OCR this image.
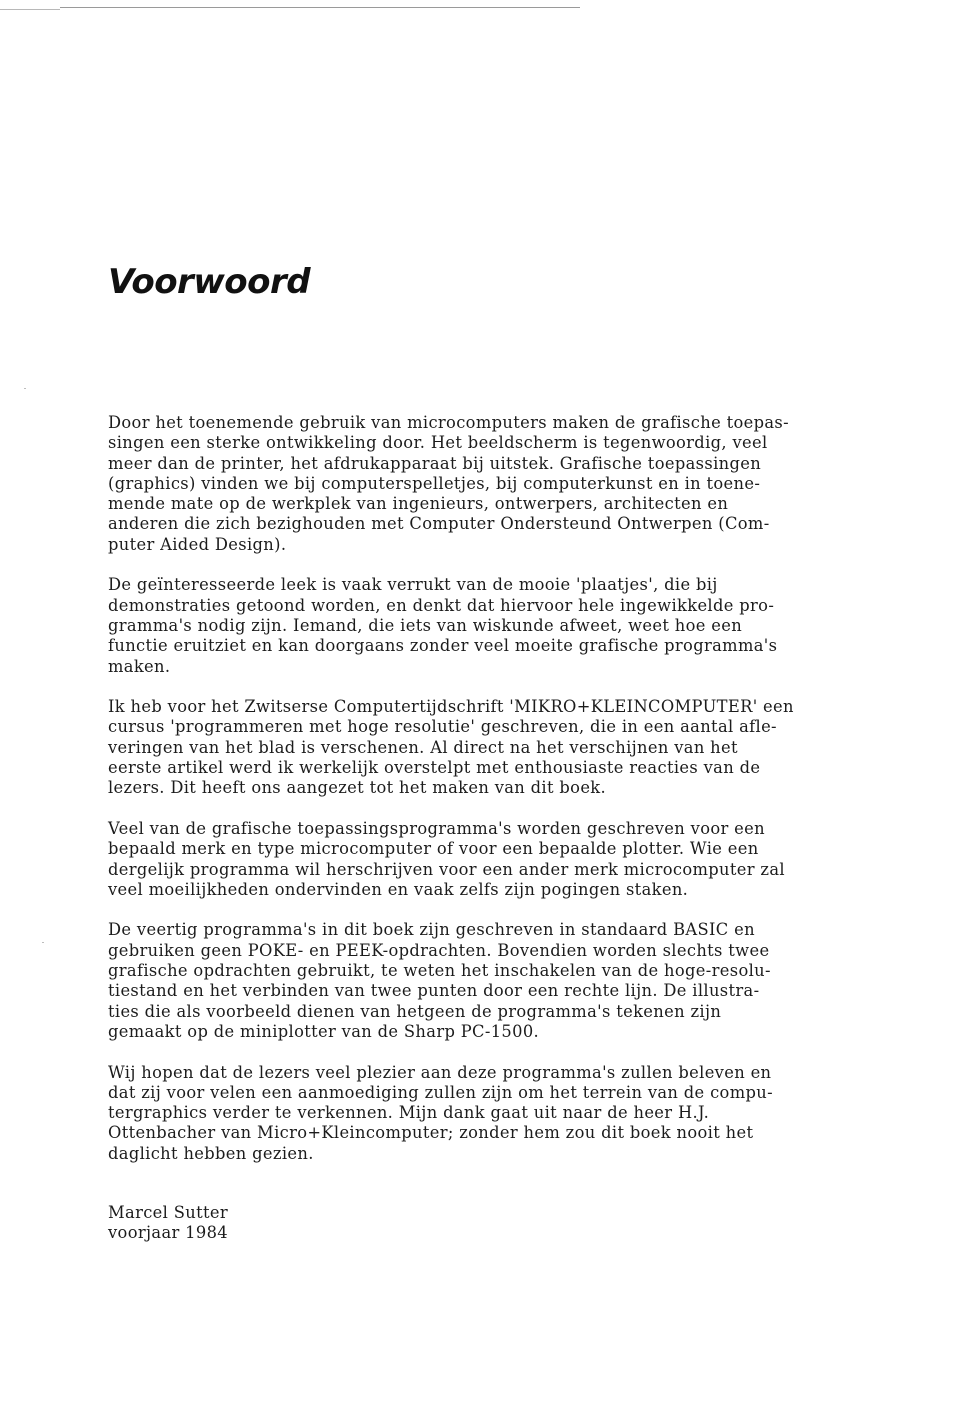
Voorwoord

Door het toenemende gebruik van microcomputers maken de grafische toepas-
singen een sterke ontwikkeling door. Het beeldscherm is tegenwoordig, veel
meer dan de printer, het afdrukapparaat bij uitstek. Grafische toepassingen
(graphics) vinden we bij computerspelletjes, bij computerkunst en in toene-
mende mate op de werkplek van ingenieurs, ontwerpers, architecten en
anderen die zich bezighouden met Computer Ondersteund Ontwerpen (Com-
puter Aided Design).

De geïnteresseerde leek is vaak verrukt van de mooie 'plaatjes', die bij
demonstraties getoond worden, en denkt dat hiervoor hele ingewikkelde pro-
gramma's nodig zijn. Iemand, die iets van wiskunde afweet, weet hoe een
functie eruitziet en kan doorgaans zonder veel moeite grafische programma's
maken.

Ik heb voor het Zwitserse Computertijdschrift 'MIKRO+KLEINCOMPUTER' een
cursus 'programmeren met hoge resolutie' geschreven, die in een aantal afle-
veringen van het blad is verschenen. Al direct na het verschijnen van het
eerste artikel werd ik werkelijk overstelpt met enthousiaste reacties van de
lezers. Dit heeft ons aangezet tot het maken van dit boek.

Veel van de grafische toepassingsprogramma's worden geschreven voor een
bepaald merk en type microcomputer of voor een bepaalde plotter. Wie een
dergelijk programma wil herschrijven voor een ander merk microcomputer zal
veel moeilijkheden ondervinden en vaak zelfs zijn pogingen staken.

De veertig programma's in dit boek zijn geschreven in standaard BASIC en
gebruiken geen POKE- en PEEK-opdrachten. Bovendien worden slechts twee
grafische opdrachten gebruikt, te weten het inschakelen van de hoge-resolu-
tiestand en het verbinden van twee punten door een rechte lijn. De illustra-
ties die als voorbeeld dienen van hetgeen de programma's tekenen zijn
gemaakt op de miniplotter van de Sharp PC-1500.

Wij hopen dat de lezers veel plezier aan deze programma's zullen beleven en
dat zij voor velen een aanmoediging zullen zijn om het terrein van de compu-
tergraphics verder te verkennen. Mijn dank gaat uit naar de heer H.J.
Ottenbacher van Micro+Kleincomputer; zonder hem zou dit boek nooit het
daglicht hebben gezien.

Marcel Sutter
voorjaar 1984
